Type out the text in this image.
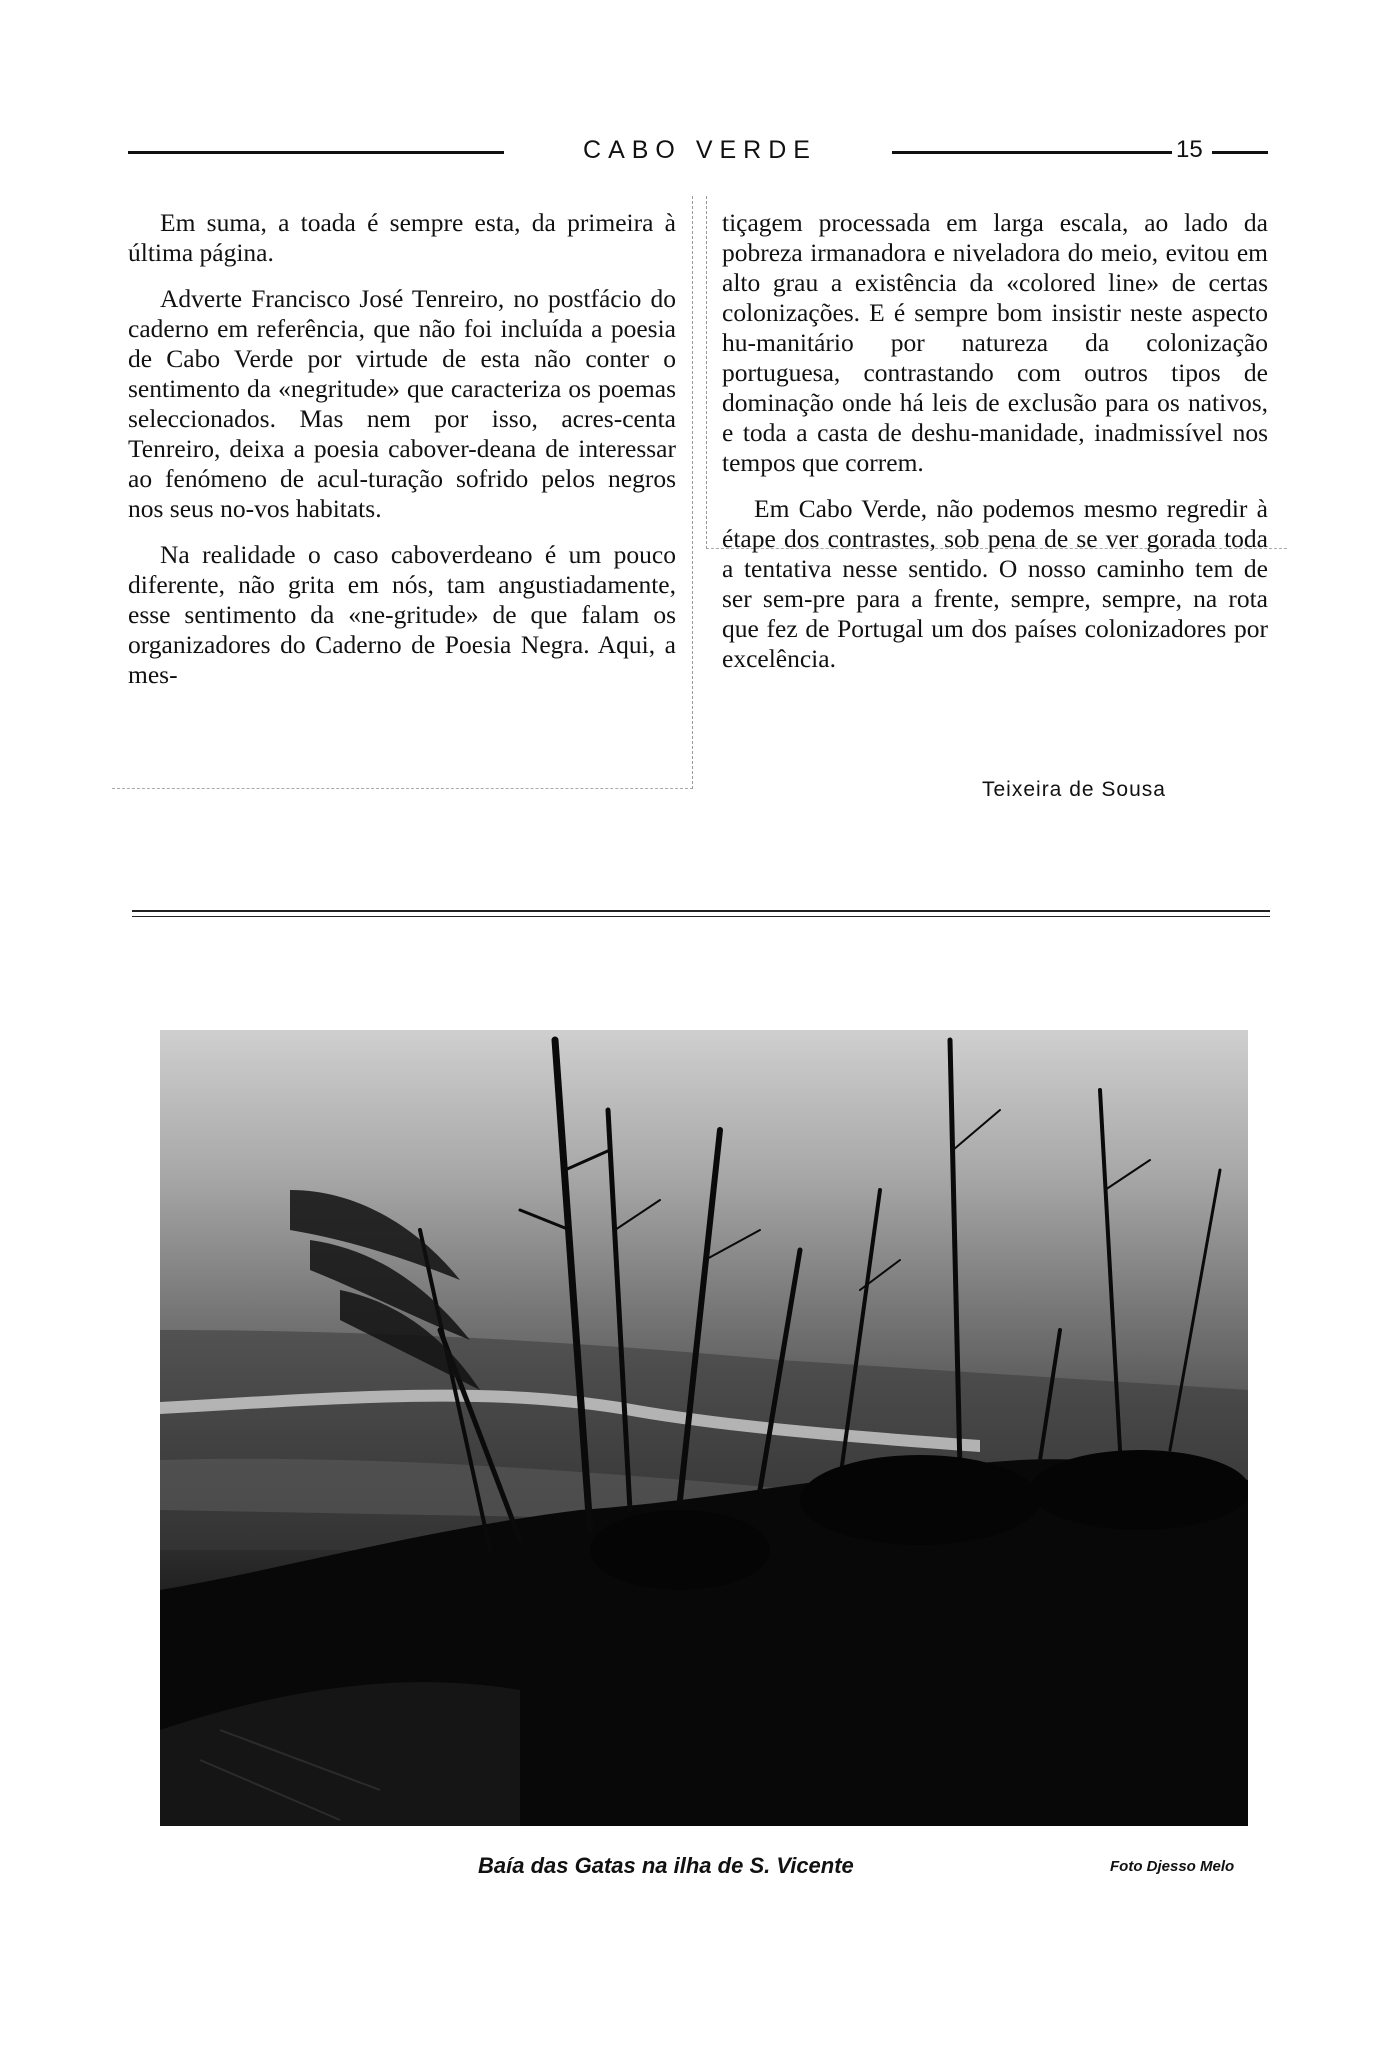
CABO VERDE	15

Em suma, a toada é sempre esta, da primeira à última página.

Adverte Francisco José Tenreiro, no postfácio do caderno em referência, que não foi incluída a poesia de Cabo Verde por virtude de esta não conter o sentimento da «negritude» que caracteriza os poemas seleccionados. Mas nem por isso, acres-centa Tenreiro, deixa a poesia cabover-deana de interessar ao fenómeno de acul-turação sofrido pelos negros nos seus no-vos habitats.

Na realidade o caso caboverdeano é um pouco diferente, não grita em nós, tam angustiadamente, esse sentimento da «ne-gritude» de que falam os organizadores do Caderno de Poesia Negra. Aqui, a mes-

tiçagem processada em larga escala, ao lado da pobreza irmanadora e niveladora do meio, evitou em alto grau a existência da «colored line» de certas colonizações. E é sempre bom insistir neste aspecto hu-manitário por natureza da colonização portuguesa, contrastando com outros tipos de dominação onde há leis de exclusão para os nativos, e toda a casta de deshu-manidade, inadmissível nos tempos que correm.

Em Cabo Verde, não podemos mesmo regredir à étape dos contrastes, sob pena de se ver gorada toda a tentativa nesse sentido. O nosso caminho tem de ser sem-pre para a frente, sempre, sempre, na rota que fez de Portugal um dos países colonizadores por excelência.

Teixeira de Sousa
Baía das Gatas na ilha de S. Vicente	Foto Djesso Melo
